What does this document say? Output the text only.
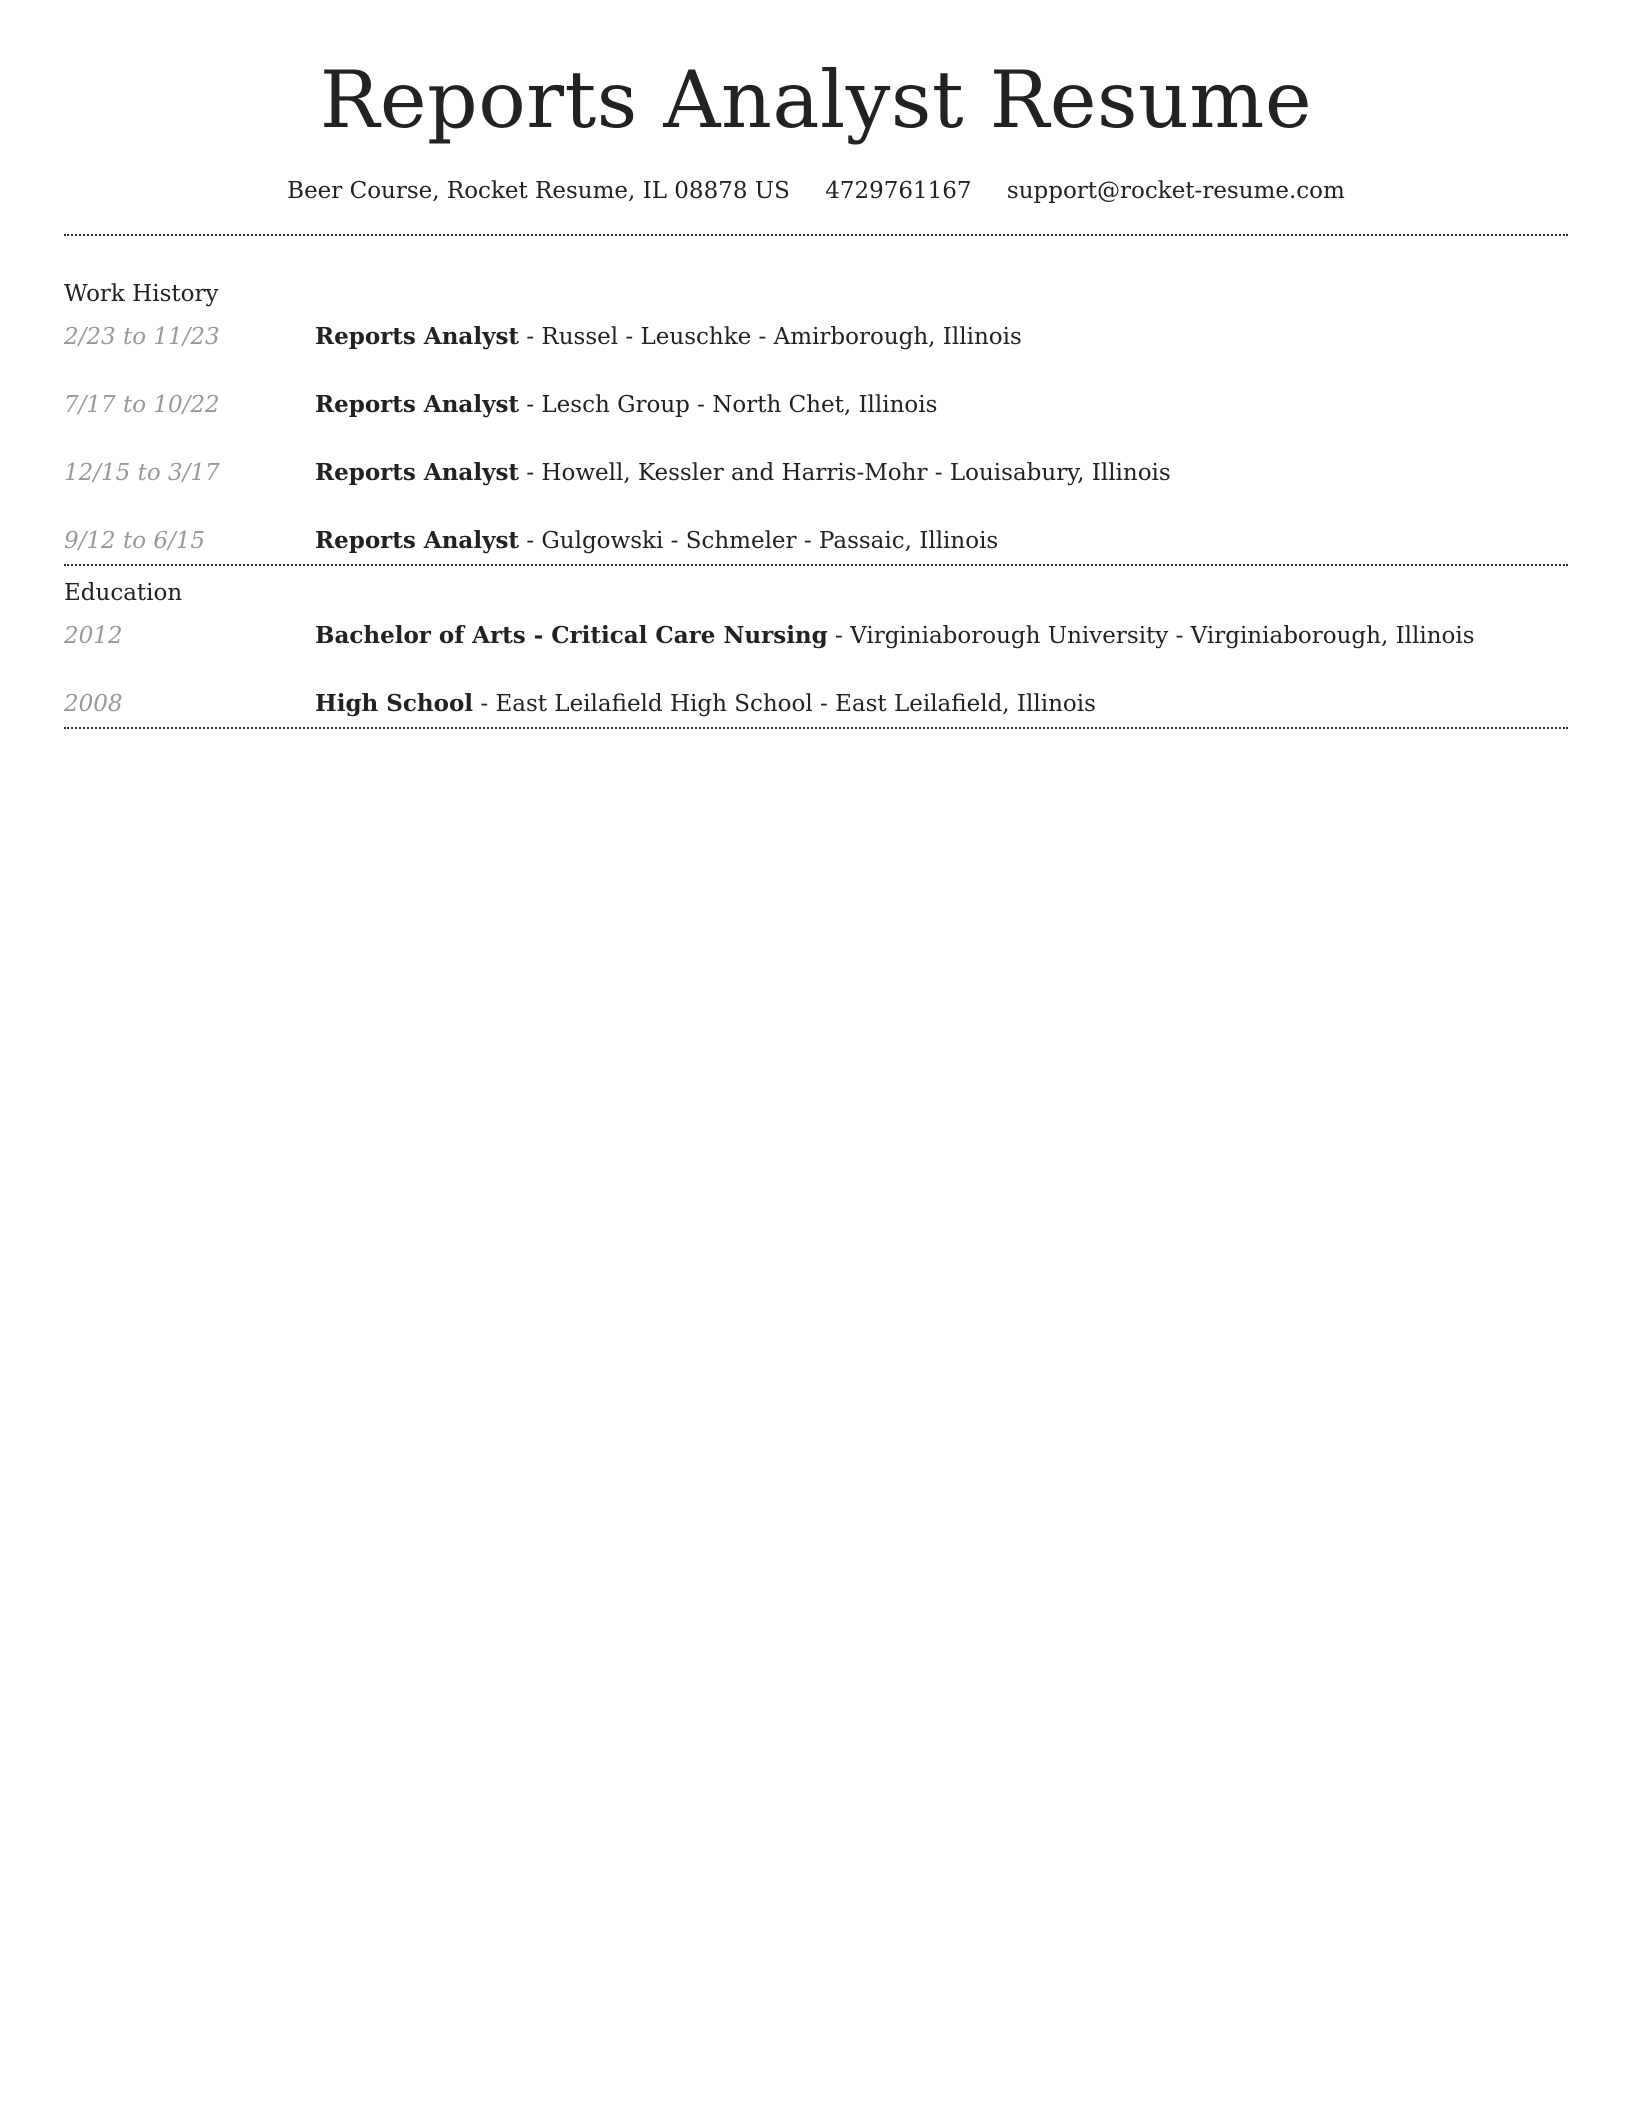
Reports Analyst Resume
Beer Course, Rocket Resume, IL 08878 US 4729761167 support@rocket-resume.com
Work History
2/23 to 11/23	Reports Analyst - Russel - Leuschke - Amirborough, Illinois
7/17 to 10/22	Reports Analyst - Lesch Group - North Chet, Illinois
12/15 to 3/17	Reports Analyst - Howell, Kessler and Harris-Mohr - Louisabury, Illinois
9/12 to 6/15	Reports Analyst - Gulgowski - Schmeler - Passaic, Illinois
Education
2012	Bachelor of Arts - Critical Care Nursing - Virginiaborough University - Virginiaborough, Illinois
2008	High School - East Leilafield High School - East Leilafield, Illinois
